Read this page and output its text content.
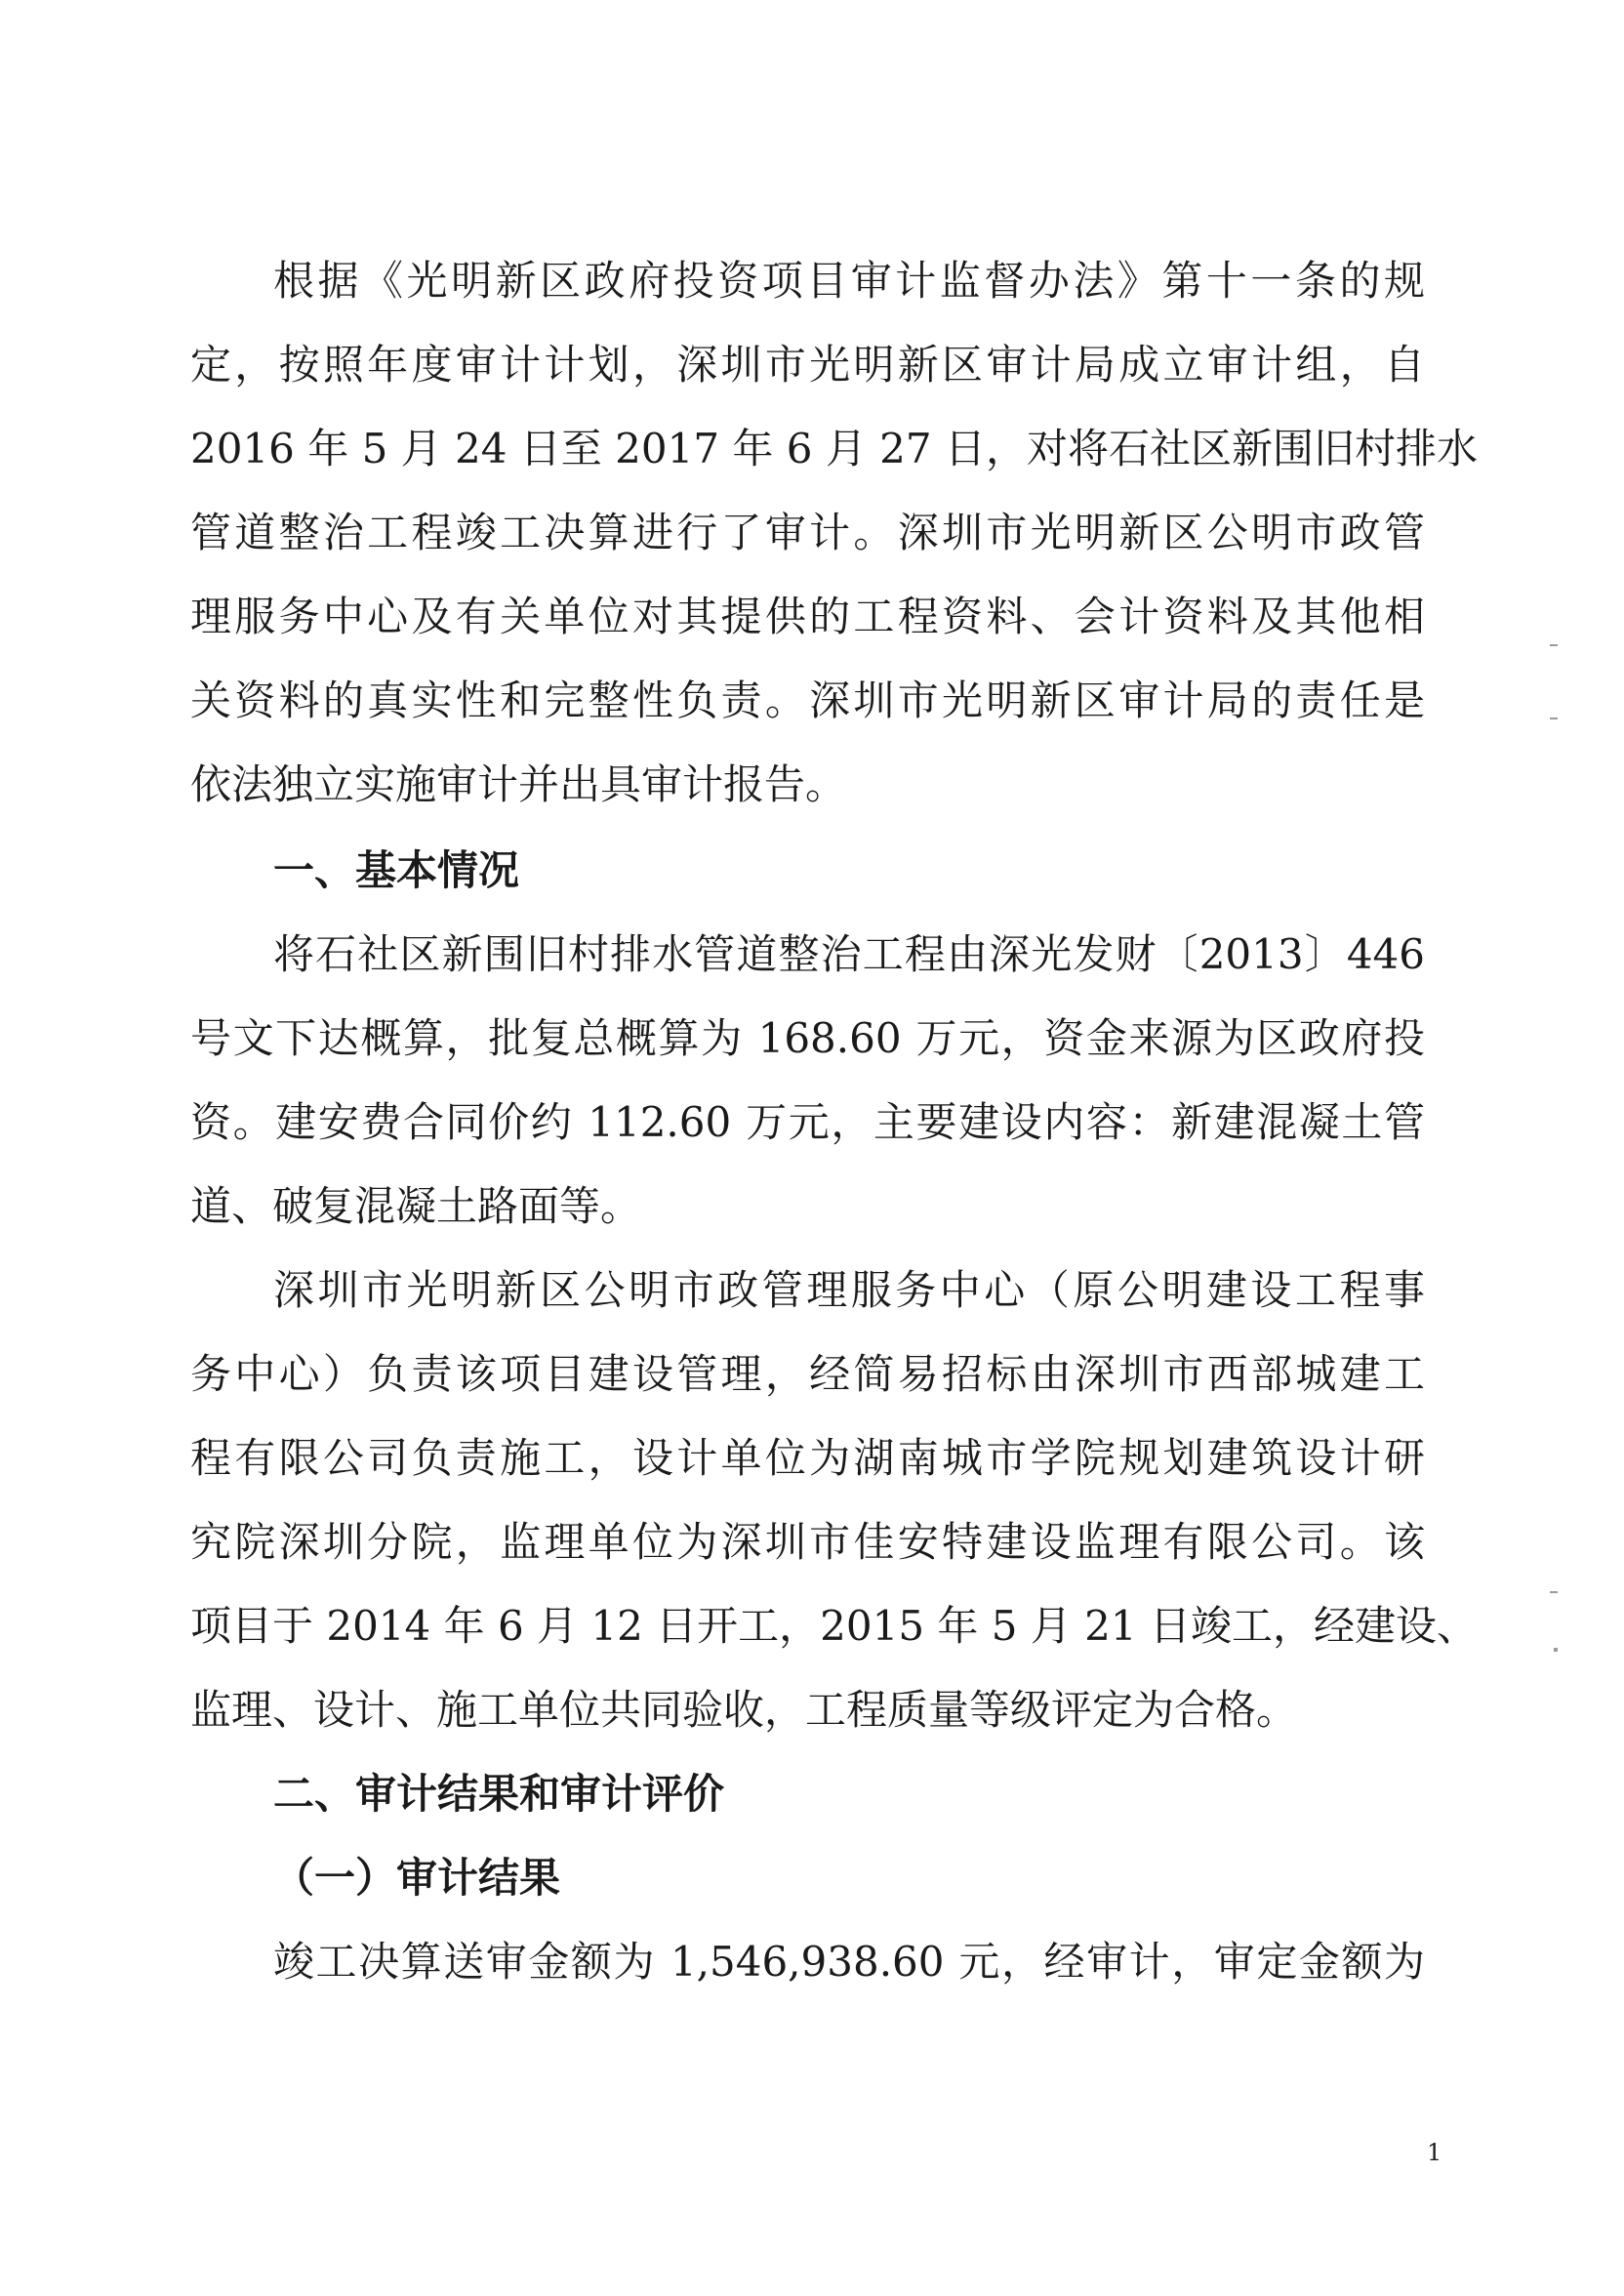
根据《光明新区政府投资项目审计监督办法》第十一条的规
定，按照年度审计计划，深圳市光明新区审计局成立审计组，自
2016 年 5 月 24 日至 2017 年 6 月 27 日，对将石社区新围旧村排水
管道整治工程竣工决算进行了审计。深圳市光明新区公明市政管
理服务中心及有关单位对其提供的工程资料、会计资料及其他相
关资料的真实性和完整性负责。深圳市光明新区审计局的责任是
依法独立实施审计并出具审计报告。
一、基本情况
将石社区新围旧村排水管道整治工程由深光发财〔2013〕446
号文下达概算，批复总概算为 168.60 万元，资金来源为区政府投
资。建安费合同价约 112.60 万元，主要建设内容：新建混凝土管
道、破复混凝土路面等。
深圳市光明新区公明市政管理服务中心（原公明建设工程事
务中心）负责该项目建设管理，经简易招标由深圳市西部城建工
程有限公司负责施工，设计单位为湖南城市学院规划建筑设计研
究院深圳分院，监理单位为深圳市佳安特建设监理有限公司。该
项目于 2014 年 6 月 12 日开工，2015 年 5 月 21 日竣工，经建设、
监理、设计、施工单位共同验收，工程质量等级评定为合格。
二、审计结果和审计评价
（一）审计结果
竣工决算送审金额为 1,546,938.60 元，经审计，审定金额为
1
